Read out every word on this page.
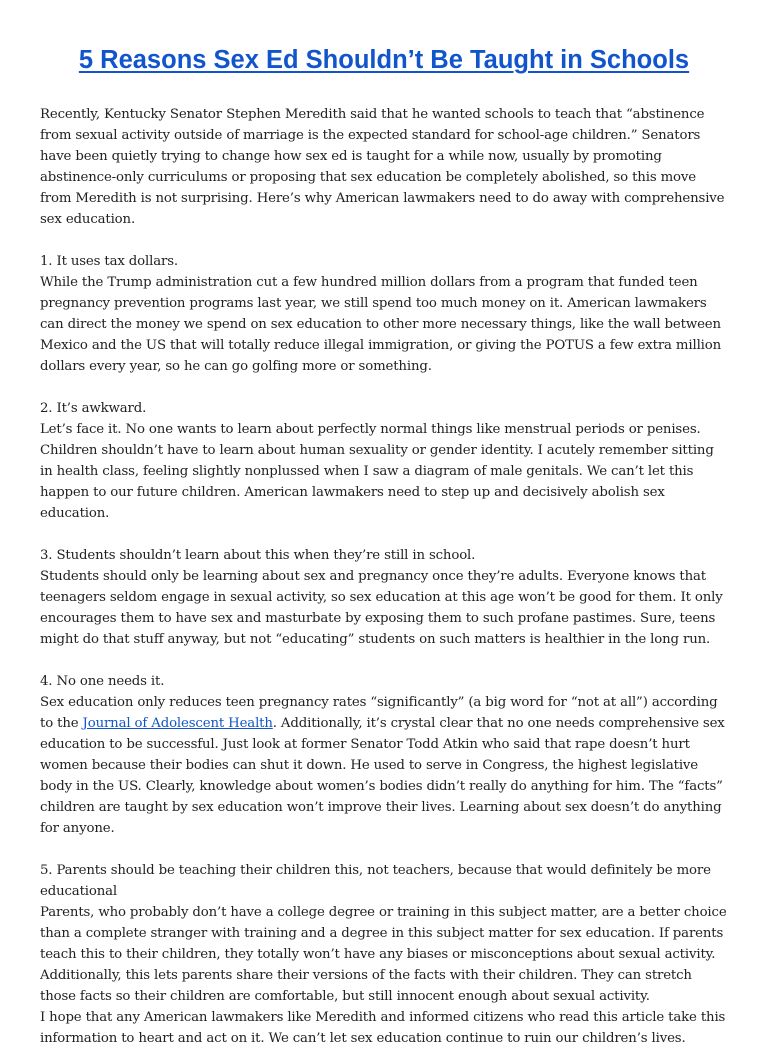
5 Reasons Sex Ed Shouldn’t Be Taught in Schools

Recently, Kentucky Senator Stephen Meredith said that he wanted schools to teach that “abstinence from sexual activity outside of marriage is the expected standard for school-age children.” Senators have been quietly trying to change how sex ed is taught for a while now, usually by promoting abstinence-only curriculums or proposing that sex education be completely abolished, so this move from Meredith is not surprising. Here’s why American lawmakers need to do away with comprehensive sex education.

1. It uses tax dollars.

While the Trump administration cut a few hundred million dollars from a program that funded teen pregnancy prevention programs last year, we still spend too much money on it. American lawmakers can direct the money we spend on sex education to other more necessary things, like the wall between Mexico and the US that will totally reduce illegal immigration, or giving the POTUS a few extra million dollars every year, so he can go golfing more or something.

2. It’s awkward.

Let’s face it. No one wants to learn about perfectly normal things like menstrual periods or penises. Children shouldn’t have to learn about human sexuality or gender identity. I acutely remember sitting in health class, feeling slightly nonplussed when I saw a diagram of male genitals. We can’t let this happen to our future children. American lawmakers need to step up and decisively abolish sex education.

3. Students shouldn’t learn about this when they’re still in school.

Students should only be learning about sex and pregnancy once they’re adults. Everyone knows that teenagers seldom engage in sexual activity, so sex education at this age won’t be good for them. It only encourages them to have sex and masturbate by exposing them to such profane pastimes. Sure, teens might do that stuff anyway, but not “educating” students on such matters is healthier in the long run.

4. No one needs it.

Sex education only reduces teen pregnancy rates “significantly” (a big word for “not at all”) according to the Journal of Adolescent Health. Additionally, it’s crystal clear that no one needs comprehensive sex education to be successful. Just look at former Senator Todd Atkin who said that rape doesn’t hurt women because their bodies can shut it down. He used to serve in Congress, the highest legislative body in the US. Clearly, knowledge about women’s bodies didn’t really do anything for him. The “facts” children are taught by sex education won’t improve their lives. Learning about sex doesn’t do anything for anyone.

5. Parents should be teaching their children this, not teachers, because that would definitely be more educational

Parents, who probably don’t have a college degree or training in this subject matter, are a better choice than a complete stranger with training and a degree in this subject matter for sex education. If parents teach this to their children, they totally won’t have any biases or misconceptions about sexual activity. Additionally, this lets parents share their versions of the facts with their children. They can stretch those facts so their children are comfortable, but still innocent enough about sexual activity.

I hope that any American lawmakers like Meredith and informed citizens who read this article take this information to heart and act on it. We can’t let sex education continue to ruin our children’s lives.
